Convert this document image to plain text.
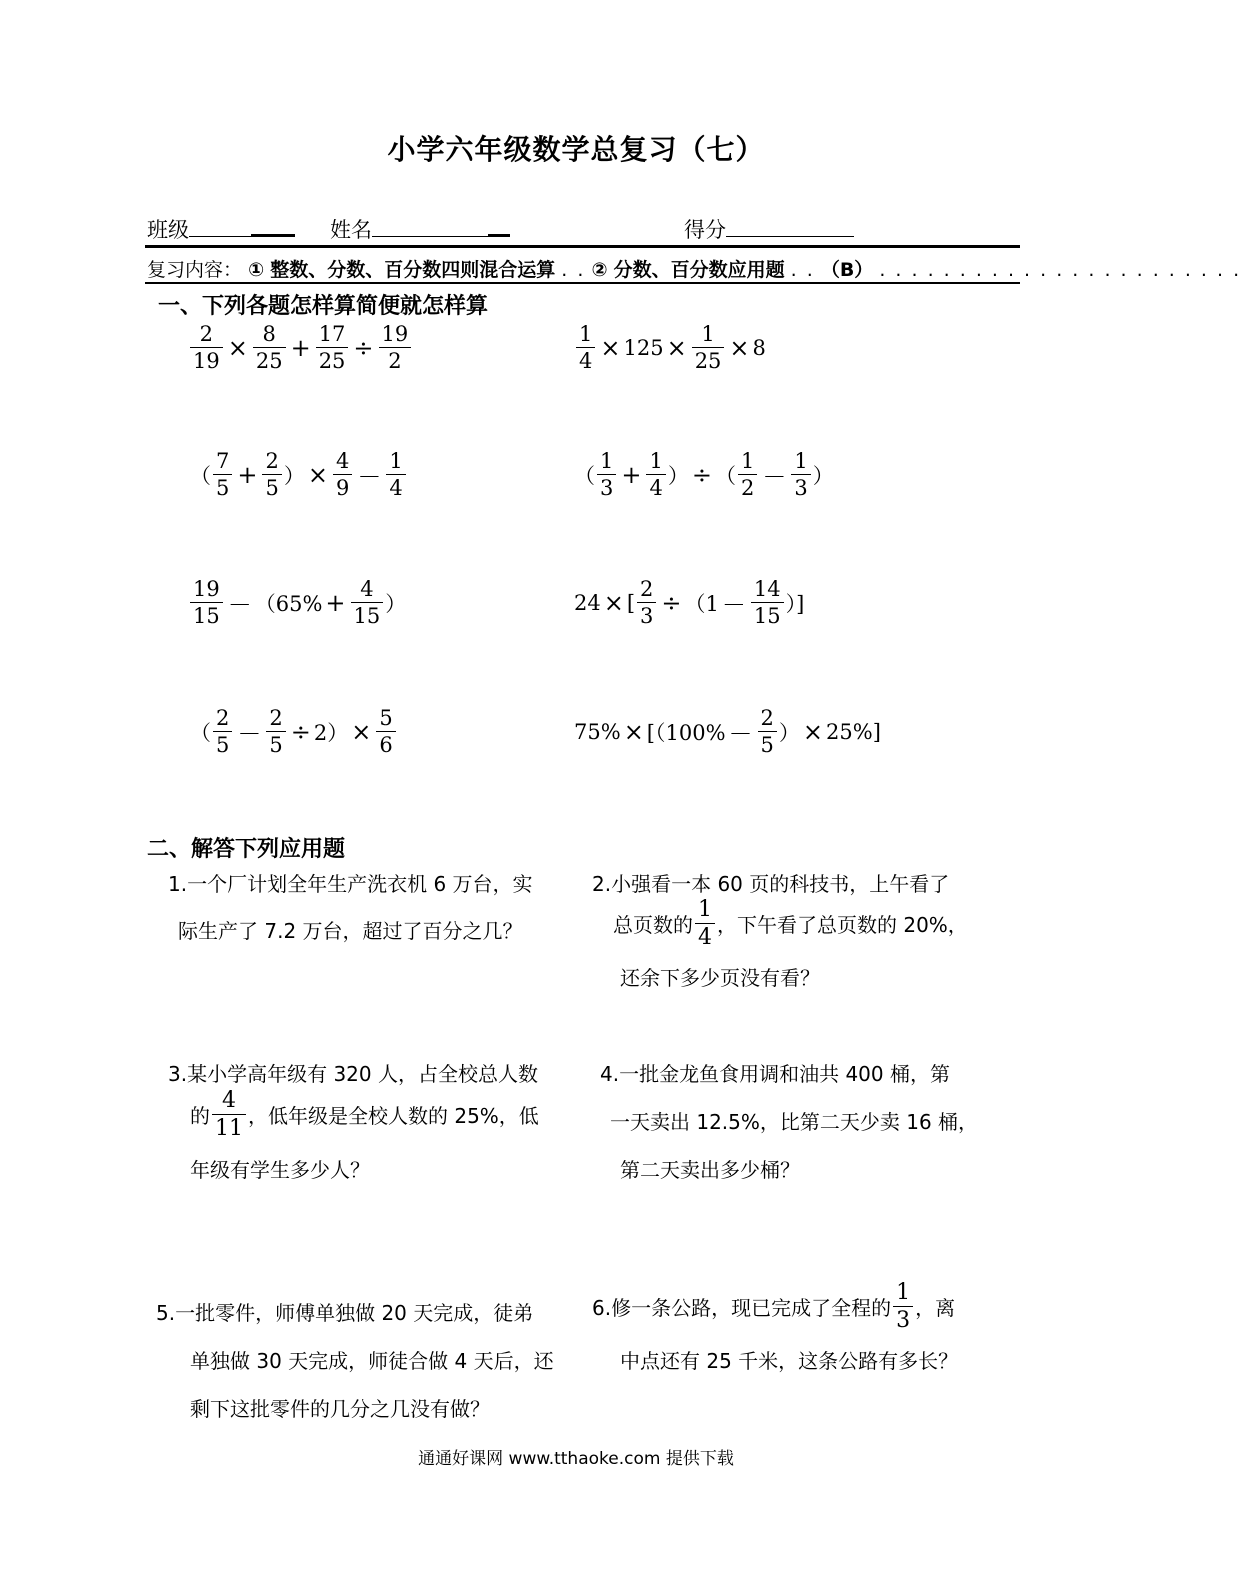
小学六年级数学总复习（七）
班级	姓名	得分
复习内容： ① 整数、分数、百分数四则混合运算 . . ② 分数、百分数应用题 . . （B） . . . . . . . . . . . . . . . . . . . . . . .
一、下列各题怎样算简便就怎样算
$\frac{2}{19} \times \frac{8}{25} + \frac{17}{25} \div \frac{19}{2}$	$\frac{1}{4} \times 125 \times \frac{1}{25} \times 8$
（ $\frac{7}{5} + \frac{2}{5}$ ） × $\frac{4}{9} - \frac{1}{4}$	（ $\frac{1}{3} + \frac{1}{4}$ ） ÷ （ $\frac{1}{2} - \frac{1}{3}$ ）
$\frac{19}{15} - (65\% + \frac{4}{15}$ ）	24 × [ $\frac{2}{3} \div (1 - \frac{14}{15}$ ）]
（ $\frac{2}{5} - \frac{2}{5} \div 2) \times \frac{5}{6}$	$75\% \times [(100\% - \frac{2}{5}$ ） × 25%]
二、解答下列应用题
1.一个厂计划全年生产洗衣机 6 万台，实
际生产了 7.2 万台，超过了百分之几？
2.小强看一本 60 页的科技书，上午看了
总页数的 $\frac{1}{4}$ ，下午看了总页数的 20%，
还余下多少页没有看？
3.某小学高年级有 320 人，占全校总人数
的 $\frac{4}{11}$ ，低年级是全校人数的 25%，低
年级有学生多少人？
4.一批金龙鱼食用调和油共 400 桶，第
一天卖出 12.5%，比第二天少卖 16 桶，
第二天卖出多少桶？
5.一批零件，师傅单独做 20 天完成，徒弟
单独做 30 天完成，师徒合做 4 天后，还
剩下这批零件的几分之几没有做？
6.修一条公路，现已完成了全程的 $\frac{1}{3}$ ，离
中点还有 25 千米，这条公路有多长？
通通好课网 www.tthaoke.com 提供下载
